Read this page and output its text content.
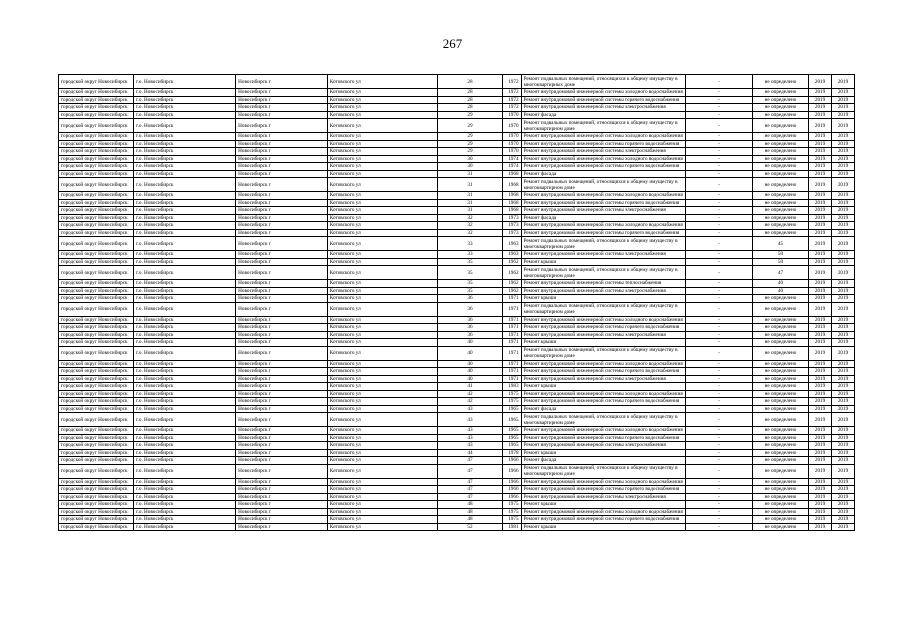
267
городской округ Новосибирск	г.о. Новосибирск	Новосибирск г	Котовского ул	28	1972	Ремонт подвальных помещений, относящихся к общему имуществу в многоквартирных доме	-	не определено	2019	2019
городской округ Новосибирск	г.о. Новосибирск	Новосибирск г	Котовского ул	28	1972	Ремонт внутридомовой инженерной системы холодного водоснабжения	-	не определено	2019	2019
городской округ Новосибирск	г.о. Новосибирск	Новосибирск г	Котовского ул	28	1972	Ремонт внутридомовой инженерной системы горячего водоснабжения	-	не определено	2019	2019
городской округ Новосибирск	г.о. Новосибирск	Новосибирск г	Котовского ул	28	1972	Ремонт внутридомовой инженерной системы электроснабжения	-	не определено	2019	2019
городской округ Новосибирск	г.о. Новосибирск	Новосибирск г	Котовского ул	29	1970	Ремонт фасада	-	не определено	2019	2019
городской округ Новосибирск	г.о. Новосибирск	Новосибирск г	Котовского ул	29	1970	Ремонт подвальных помещений, относящихся к общему имуществу в многоквартирном доме	-	не определено	2019	2019
городской округ Новосибирск	г.о. Новосибирск	Новосибирск г	Котовского ул	29	1970	Ремонт внутридомовой инженерной системы холодного водоснабжения	-	не определено	2019	2019
городской округ Новосибирск	г.о. Новосибирск	Новосибирск г	Котовского ул	29	1970	Ремонт внутридомовой инженерной системы горячего водоснабжения	-	не определено	2019	2019
городской округ Новосибирск	г.о. Новосибирск	Новосибирск г	Котовского ул	29	1970	Ремонт внутридомовой инженерной системы электроснабжения	-	не определено	2019	2019
городской округ Новосибирск	г.о. Новосибирск	Новосибирск г	Котовского ул	30	1974	Ремонт внутридомовой инженерной системы холодного водоснабжения	-	не определено	2019	2019
городской округ Новосибирск	г.о. Новосибирск	Новосибирск г	Котовского ул	30	1974	Ремонт внутридомовой инженерной системы горячего водоснабжения	-	не определено	2019	2019
городской округ Новосибирск	г.о. Новосибирск	Новосибирск г	Котовского ул	31	1968	Ремонт фасада	-	не определено	2019	2019
городской округ Новосибирск	г.о. Новосибирск	Новосибирск г	Котовского ул	31	1968	Ремонт подвальных помещений, относящихся к общему имуществу в многоквартирном доме	-	не определено	2019	2019
городской округ Новосибирск	г.о. Новосибирск	Новосибирск г	Котовского ул	31	1968	Ремонт внутридомовой инженерной системы холодного водоснабжения	-	не определено	2019	2019
городской округ Новосибирск	г.о. Новосибирск	Новосибирск г	Котовского ул	31	1968	Ремонт внутридомовой инженерной системы горячего водоснабжения	-	не определено	2019	2019
городской округ Новосибирск	г.о. Новосибирск	Новосибирск г	Котовского ул	31	1968	Ремонт внутридомовой инженерной системы электроснабжения	-	не определено	2019	2019
городской округ Новосибирск	г.о. Новосибирск	Новосибирск г	Котовского ул	32	1973	Ремонт фасада	-	не определено	2019	2019
городской округ Новосибирск	г.о. Новосибирск	Новосибирск г	Котовского ул	32	1973	Ремонт внутридомовой инженерной системы холодного водоснабжения	-	не определено	2019	2019
городской округ Новосибирск	г.о. Новосибирск	Новосибирск г	Котовского ул	32	1973	Ремонт внутридомовой инженерной системы горячего водоснабжения	-	не определено	2019	2019
городской округ Новосибирск	г.о. Новосибирск	Новосибирск г	Котовского ул	33	1963	Ремонт подвальных помещений, относящихся к общему имуществу в многоквартирном доме	-	45	2019	2019
городской округ Новосибирск	г.о. Новосибирск	Новосибирск г	Котовского ул	33	1963	Ремонт внутридомовой инженерной системы электроснабжения	-	50	2019	2019
городской округ Новосибирск	г.о. Новосибирск	Новосибирск г	Котовского ул	35	1962	Ремонт крыши	-	50	2019	2019
городской округ Новосибирск	г.о. Новосибирск	Новосибирск г	Котовского ул	35	1962	Ремонт подвальных помещений, относящихся к общему имуществу в многоквартирном доме	-	47	2019	2019
городской округ Новосибирск	г.о. Новосибирск	Новосибирск г	Котовского ул	35	1962	Ремонт внутридомовой инженерной системы теплоснабжения	-	40	2019	2019
городской округ Новосибирск	г.о. Новосибирск	Новосибирск г	Котовского ул	35	1962	Ремонт внутридомовой инженерной системы электроснабжения	-	40	2019	2019
городской округ Новосибирск	г.о. Новосибирск	Новосибирск г	Котовского ул	36	1971	Ремонт крыши	-	не определено	2019	2019
городской округ Новосибирск	г.о. Новосибирск	Новосибирск г	Котовского ул	36	1971	Ремонт подвальных помещений, относящихся к общему имуществу в многоквартирном доме	-	не определено	2019	2019
городской округ Новосибирск	г.о. Новосибирск	Новосибирск г	Котовского ул	36	1971	Ремонт внутридомовой инженерной системы холодного водоснабжения	-	не определено	2019	2019
городской округ Новосибирск	г.о. Новосибирск	Новосибирск г	Котовского ул	36	1971	Ремонт внутридомовой инженерной системы горячего водоснабжения	-	не определено	2019	2019
городской округ Новосибирск	г.о. Новосибирск	Новосибирск г	Котовского ул	36	1971	Ремонт внутридомовой инженерной системы электроснабжения	-	не определено	2019	2019
городской округ Новосибирск	г.о. Новосибирск	Новосибирск г	Котовского ул	40	1971	Ремонт крыши	-	не определено	2019	2019
городской округ Новосибирск	г.о. Новосибирск	Новосибирск г	Котовского ул	40	1971	Ремонт подвальных помещений, относящихся к общему имуществу в многоквартирном доме	-	не определено	2019	2019
городской округ Новосибирск	г.о. Новосибирск	Новосибирск г	Котовского ул	40	1971	Ремонт внутридомовой инженерной системы холодного водоснабжения	-	не определено	2019	2019
городской округ Новосибирск	г.о. Новосибирск	Новосибирск г	Котовского ул	40	1971	Ремонт внутридомовой инженерной системы горячего водоснабжения	-	не определено	2019	2019
городской округ Новосибирск	г.о. Новосибирск	Новосибирск г	Котовского ул	40	1971	Ремонт внутридомовой инженерной системы электроснабжения	-	не определено	2019	2019
городской округ Новосибирск	г.о. Новосибирск	Новосибирск г	Котовского ул	41	1983	Ремонт крыши	-	не определено	2019	2019
городской округ Новосибирск	г.о. Новосибирск	Новосибирск г	Котовского ул	42	1975	Ремонт внутридомовой инженерной системы холодного водоснабжения	-	не определено	2019	2019
городской округ Новосибирск	г.о. Новосибирск	Новосибирск г	Котовского ул	42	1975	Ремонт внутридомовой инженерной системы горячего водоснабжения	-	не определено	2019	2019
городской округ Новосибирск	г.о. Новосибирск	Новосибирск г	Котовского ул	43	1965	Ремонт фасада	-	не определено	2019	2019
городской округ Новосибирск	г.о. Новосибирск	Новосибирск г	Котовского ул	43	1965	Ремонт подвальных помещений, относящихся к общему имуществу в многоквартирном доме	-	не определено	2019	2019
городской округ Новосибирск	г.о. Новосибирск	Новосибирск г	Котовского ул	43	1965	Ремонт внутридомовой инженерной системы холодного водоснабжения	-	не определено	2019	2019
городской округ Новосибирск	г.о. Новосибирск	Новосибирск г	Котовского ул	43	1965	Ремонт внутридомовой инженерной системы горячего водоснабжения	-	не определено	2019	2019
городской округ Новосибирск	г.о. Новосибирск	Новосибирск г	Котовского ул	43	1965	Ремонт внутридомовой инженерной системы электроснабжения	-	не определено	2019	2019
городской округ Новосибирск	г.о. Новосибирск	Новосибирск г	Котовского ул	44	1978	Ремонт крыши	-	не определено	2019	2019
городской округ Новосибирск	г.о. Новосибирск	Новосибирск г	Котовского ул	47	1966	Ремонт фасада	-	не определено	2019	2019
городской округ Новосибирск	г.о. Новосибирск	Новосибирск г	Котовского ул	47	1966	Ремонт подвальных помещений, относящихся к общему имуществу в многоквартирном доме	-	не определено	2019	2019
городской округ Новосибирск	г.о. Новосибирск	Новосибирск г	Котовского ул	47	1966	Ремонт внутридомовой инженерной системы холодного водоснабжения	-	не определено	2019	2019
городской округ Новосибирск	г.о. Новосибирск	Новосибирск г	Котовского ул	47	1966	Ремонт внутридомовой инженерной системы горячего водоснабжения	-	не определено	2019	2019
городской округ Новосибирск	г.о. Новосибирск	Новосибирск г	Котовского ул	47	1966	Ремонт внутридомовой инженерной системы электроснабжения	-	не определено	2019	2019
городской округ Новосибирск	г.о. Новосибирск	Новосибирск г	Котовского ул	48	1975	Ремонт крыши	-	не определено	2019	2019
городской округ Новосибирск	г.о. Новосибирск	Новосибирск г	Котовского ул	48	1975	Ремонт внутридомовой инженерной системы холодного водоснабжения	-	не определено	2019	2019
городской округ Новосибирск	г.о. Новосибирск	Новосибирск г	Котовского ул	48	1975	Ремонт внутридомовой инженерной системы горячего водоснабжения	-	не определено	2019	2019
городской округ Новосибирск	г.о. Новосибирск	Новосибирск г	Котовского ул	52	1981	Ремонт крыши	-	не определено	2019	2019
